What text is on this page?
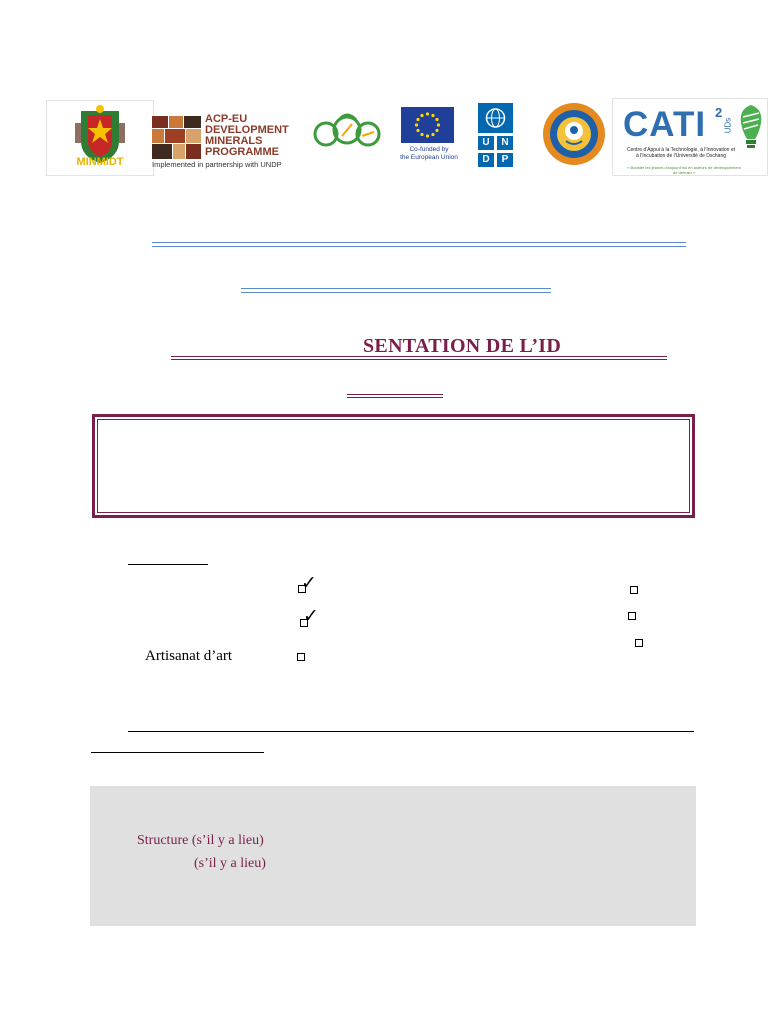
MINMIDT
ACP-EU
DEVELOPMENT
MINERALS
PROGRAMME
Implemented in partnership with UNDP
Co-funded by
the European Union
U	N
D	P
CATI 2
UDs
Centre d'Appui à la Technologie, à l'Innovation et à l'Incubation de l'Université de Dschang
« Booster les jeunes d'aujourd'hui en acteurs de développement de demain »
SENTATION DE L’ID
✓
✓
Artisanat d’art
Structure (s’il y a lieu)
(s’il y a lieu)
